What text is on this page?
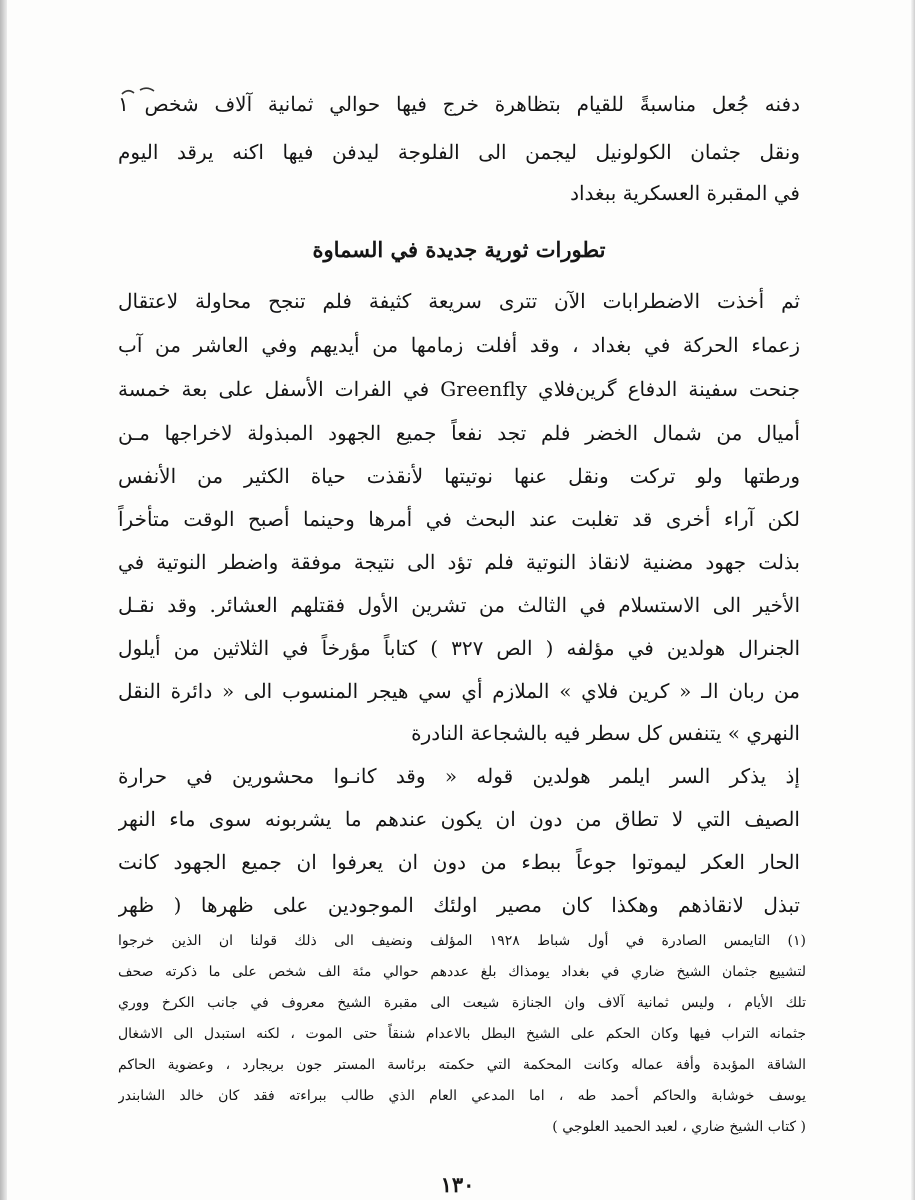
دفنه جُعل مناسبةً للقيام بتظاهرة خرج فيها حوالي ثمانية آلاف شخص ١
ونقل جثمان الكولونيل ليجمن الى الفلوجة ليدفن فيها اكنه يرقد اليوم
في المقبرة العسكرية ببغداد
تطورات ثورية جديدة في السماوة
ثم أخذت الاضطرابات الآن تترى سريعة كثيفة فلم تنجح محاولة لاعتقال
زعماء الحركة في بغداد ، وقد أفلت زمامها من أيديهم وفي العاشر من آب
جنحت سفينة الدفاع گرين‌فلاي Greenfly في الفرات الأسفل على بعة خمسة
أميال من شمال الخضر فلم تجد نفعاً جميع الجهود المبذولة لاخراجها مـن
ورطتها ولو تركت ونقل عنها نوتيتها لأنقذت حياة الكثير من الأنفس
لكن آراء أخرى قد تغلبت عند البحث في أمرها وحينما أصبح الوقت متأخراً
بذلت جهود مضنية لانقاذ النوتية فلم تؤد الى نتيجة موفقة واضطر النوتية في
الأخير الى الاستسلام في الثالث من تشرين الأول فقتلهم العشائر. وقد نقـل
الجنرال هولدين في مؤلفه ( الص ٣٢٧ ) كتاباً مؤرخاً في الثلاثين من أيلول
من ربان الـ « كرين فلاي » الملازم أي سي هيجر المنسوب الى « دائرة النقل
النهري » يتنفس كل سطر فيه بالشجاعة النادرة
إذ يذكر السر ايلمر هولدين قوله « وقد كانـوا محشورين في حرارة
الصيف التي لا تطاق من دون ان يكون عندهم ما يشربونه سوى ماء النهر
الحار العكر ليموتوا جوعاً ببطء من دون ان يعرفوا ان جميع الجهود كانت
تبذل لانقاذهم وهكذا كان مصير اولئك الموجودين على ظهرها ( ظهر
(١) التايمس الصادرة في أول شباط ١٩٢٨ المؤلف ونضيف الى ذلك قولنا ان الذين خرجوا
لتشييع جثمان الشيخ ضاري في بغداد يومذاك بلغ عددهم حوالي مئة الف شخص على ما ذكرته صحف
تلك الأيام ، وليس ثمانية آلاف وان الجنازة شيعت الى مقبرة الشيخ معروف في جانب الكرخ ووري
جثمانه التراب فيها وكان الحكم على الشيخ البطل بالاعدام شنقاً حتى الموت ، لكنه استبدل الى الاشغال
الشاقة المؤبدة وأفة عماله وكانت المحكمة التي حكمته برئاسة المستر جون بريجارد ، وعضوية الحاكم
يوسف خوشابة والحاكم أحمد طه ، اما المدعي العام الذي طالب ببراءته فقد كان خالد الشابندر
( كتاب الشيخ ضاري ، لعبد الحميد العلوجي )
١٣٠
